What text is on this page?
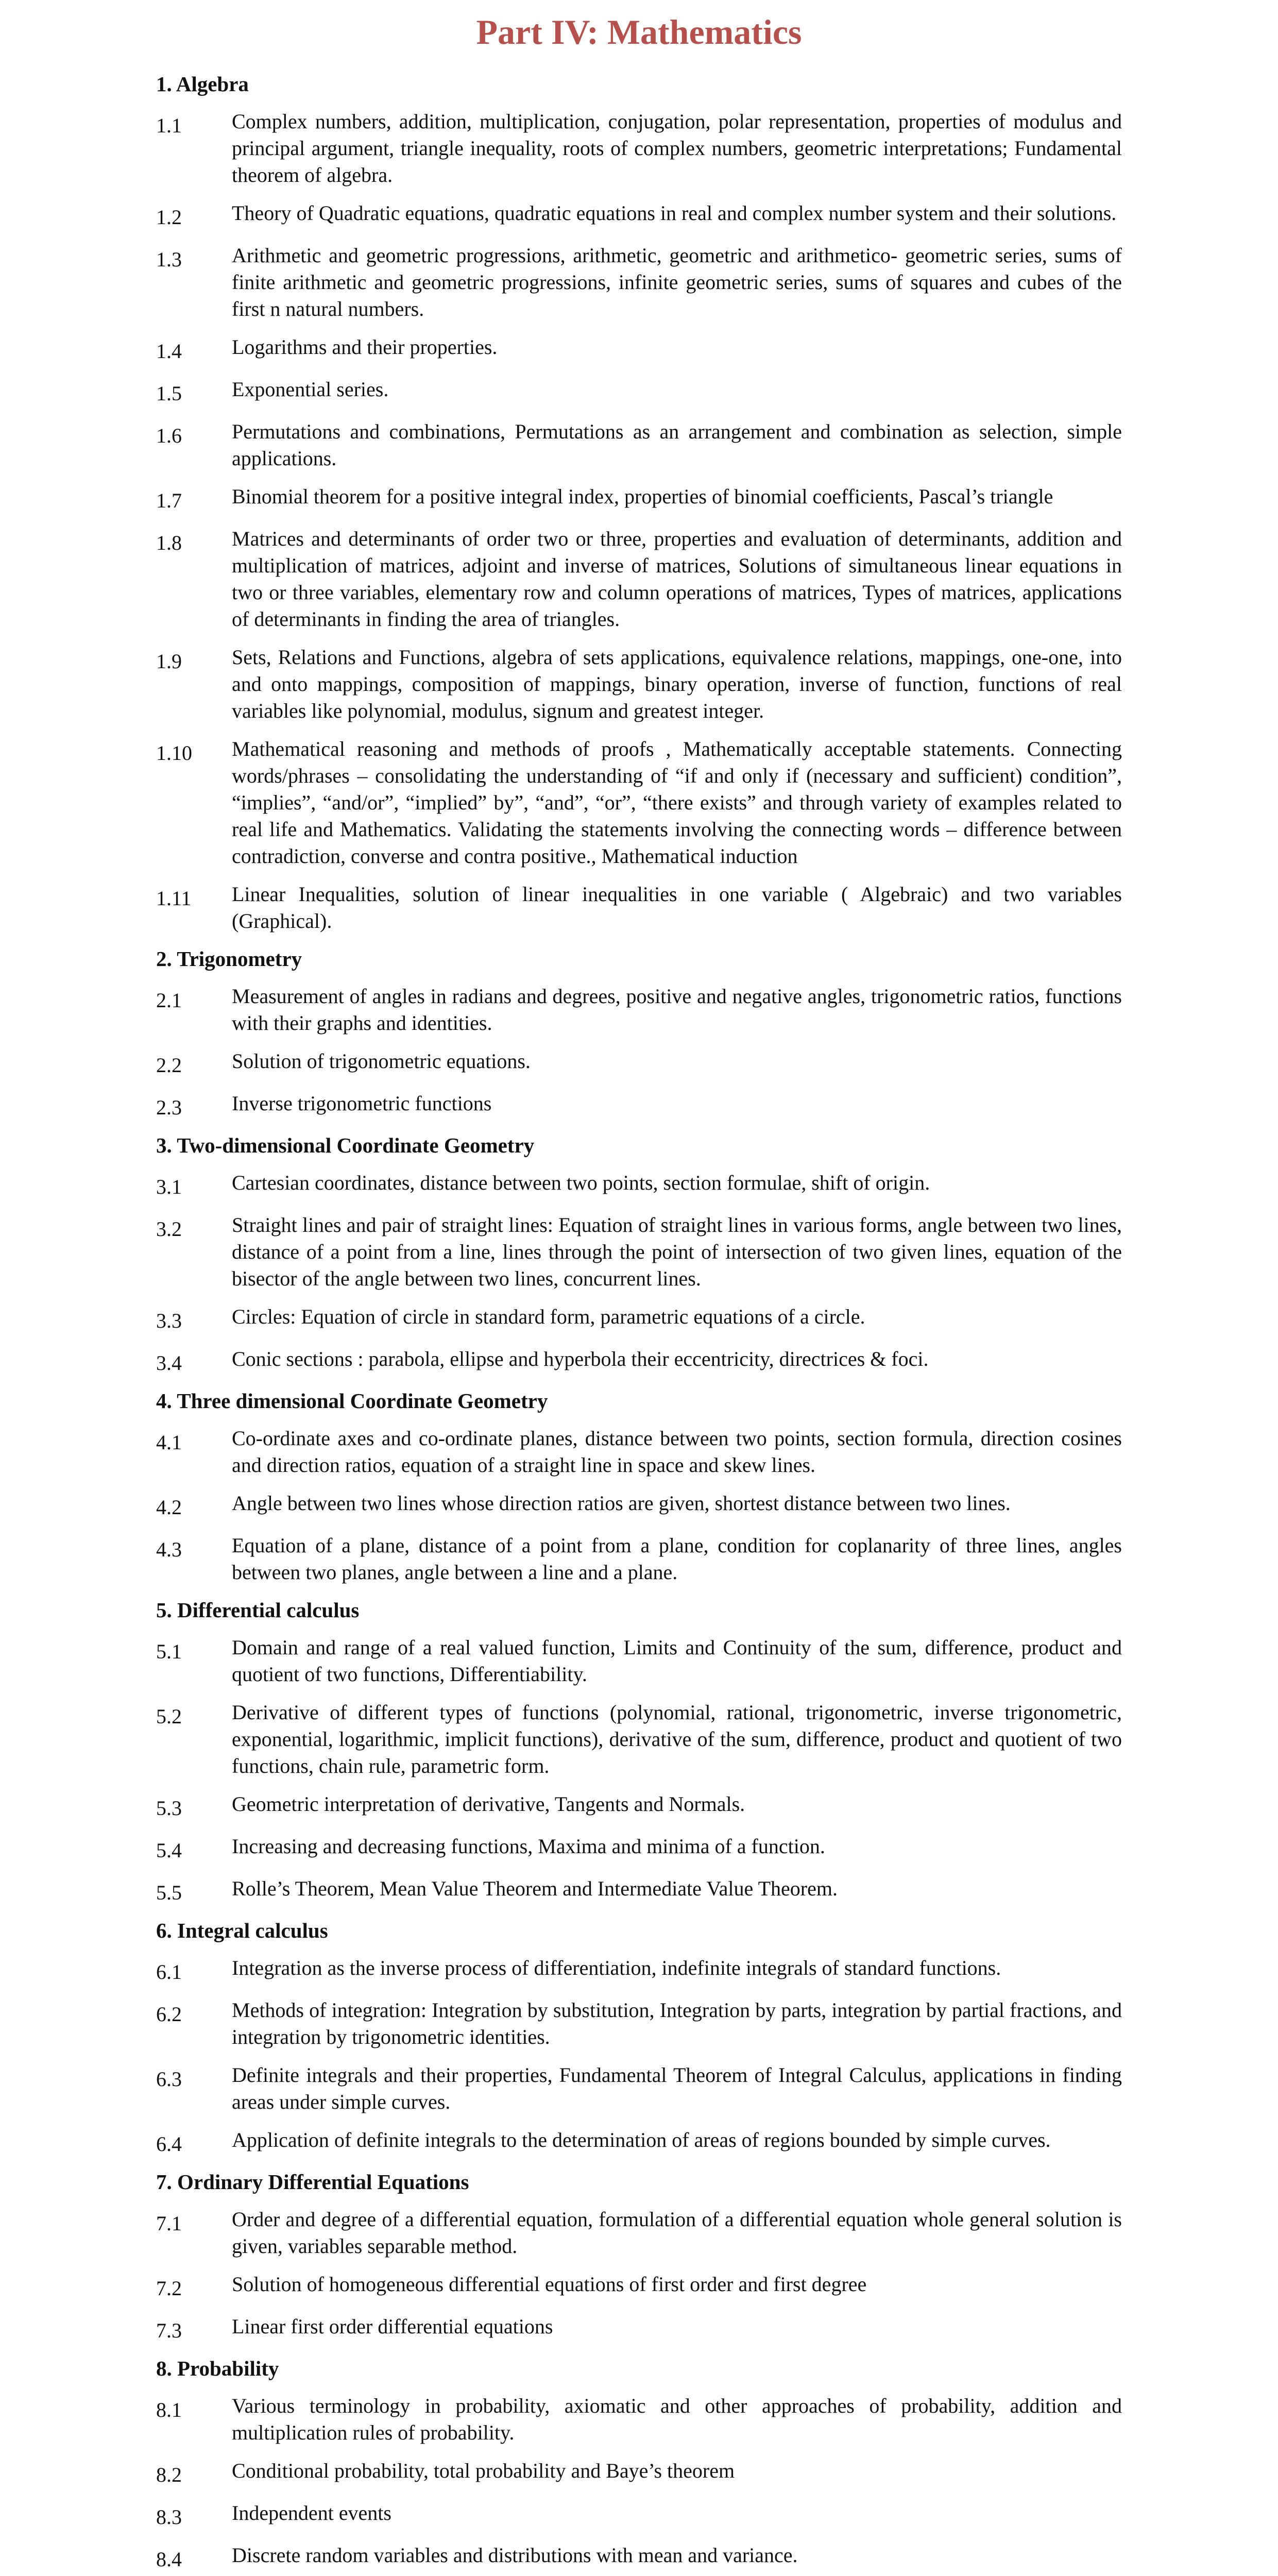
Part IV: Mathematics
1. Algebra
1.1	Complex numbers, addition, multiplication, conjugation, polar representation, properties of modulus and principal argument, triangle inequality, roots of complex numbers, geometric interpretations; Fundamental theorem of algebra.
1.2	Theory of Quadratic equations, quadratic equations in real and complex number system and their solutions.
1.3	Arithmetic and geometric progressions, arithmetic, geometric and arithmetico- geometric series, sums of finite arithmetic and geometric progressions, infinite geometric series, sums of squares and cubes of the first n natural numbers.
1.4	Logarithms and their properties.
1.5	Exponential series.
1.6	Permutations and combinations, Permutations as an arrangement and combination as selection, simple applications.
1.7	Binomial theorem for a positive integral index, properties of binomial coefficients, Pascal’s triangle
1.8	Matrices and determinants of order two or three, properties and evaluation of determinants, addition and multiplication of matrices, adjoint and inverse of matrices, Solutions of simultaneous linear equations in two or three variables, elementary row and column operations of matrices, Types of matrices, applications of determinants in finding the area of triangles.
1.9	Sets, Relations and Functions, algebra of sets applications, equivalence relations, mappings, one-one, into and onto mappings, composition of mappings, binary operation, inverse of function, functions of real variables like polynomial, modulus, signum and greatest integer.
1.10	Mathematical reasoning and methods of proofs , Mathematically acceptable statements. Connecting words/phrases – consolidating the understanding of “if and only if (necessary and sufficient) condition”, “implies”, “and/or”, “implied” by”, “and”, “or”, “there exists” and through variety of examples related to real life and Mathematics. Validating the statements involving the connecting words – difference between contradiction, converse and contra positive., Mathematical induction
1.11	Linear Inequalities, solution of linear inequalities in one variable ( Algebraic) and two variables (Graphical).
2. Trigonometry
2.1	Measurement of angles in radians and degrees, positive and negative angles, trigonometric ratios, functions with their graphs and identities.
2.2	Solution of trigonometric equations.
2.3	Inverse trigonometric functions
3. Two-dimensional Coordinate Geometry
3.1	Cartesian coordinates, distance between two points, section formulae, shift of origin.
3.2	Straight lines and pair of straight lines: Equation of straight lines in various forms, angle between two lines, distance of a point from a line, lines through the point of intersection of two given lines, equation of the bisector of the angle between two lines, concurrent lines.
3.3	Circles: Equation of circle in standard form, parametric equations of a circle.
3.4	Conic sections : parabola, ellipse and hyperbola their eccentricity, directrices & foci.
4. Three dimensional Coordinate Geometry
4.1	Co-ordinate axes and co-ordinate planes, distance between two points, section formula, direction cosines and direction ratios, equation of a straight line in space and skew lines.
4.2	Angle between two lines whose direction ratios are given, shortest distance between two lines.
4.3	Equation of a plane, distance of a point from a plane, condition for coplanarity of three lines, angles between two planes, angle between a line and a plane.
5. Differential calculus
5.1	Domain and range of a real valued function, Limits and Continuity of the sum, difference, product and quotient of two functions, Differentiability.
5.2	Derivative of different types of functions (polynomial, rational, trigonometric, inverse trigonometric, exponential, logarithmic, implicit functions), derivative of the sum, difference, product and quotient of two functions, chain rule, parametric form.
5.3	Geometric interpretation of derivative, Tangents and Normals.
5.4	Increasing and decreasing functions, Maxima and minima of a function.
5.5	Rolle’s Theorem, Mean Value Theorem and Intermediate Value Theorem.
6. Integral calculus
6.1	Integration as the inverse process of differentiation, indefinite integrals of standard functions.
6.2	Methods of integration: Integration by substitution, Integration by parts, integration by partial fractions, and integration by trigonometric identities.
6.3	Definite integrals and their properties, Fundamental Theorem of Integral Calculus, applications in finding areas under simple curves.
6.4	Application of definite integrals to the determination of areas of regions bounded by simple curves.
7. Ordinary Differential Equations
7.1	Order and degree of a differential equation, formulation of a differential equation whole general solution is given, variables separable method.
7.2	Solution of homogeneous differential equations of first order and first degree
7.3	Linear first order differential equations
8. Probability
8.1	Various terminology in probability, axiomatic and other approaches of probability, addition and multiplication rules of probability.
8.2	Conditional probability, total probability and Baye’s theorem
8.3	Independent events
8.4	Discrete random variables and distributions with mean and variance.
